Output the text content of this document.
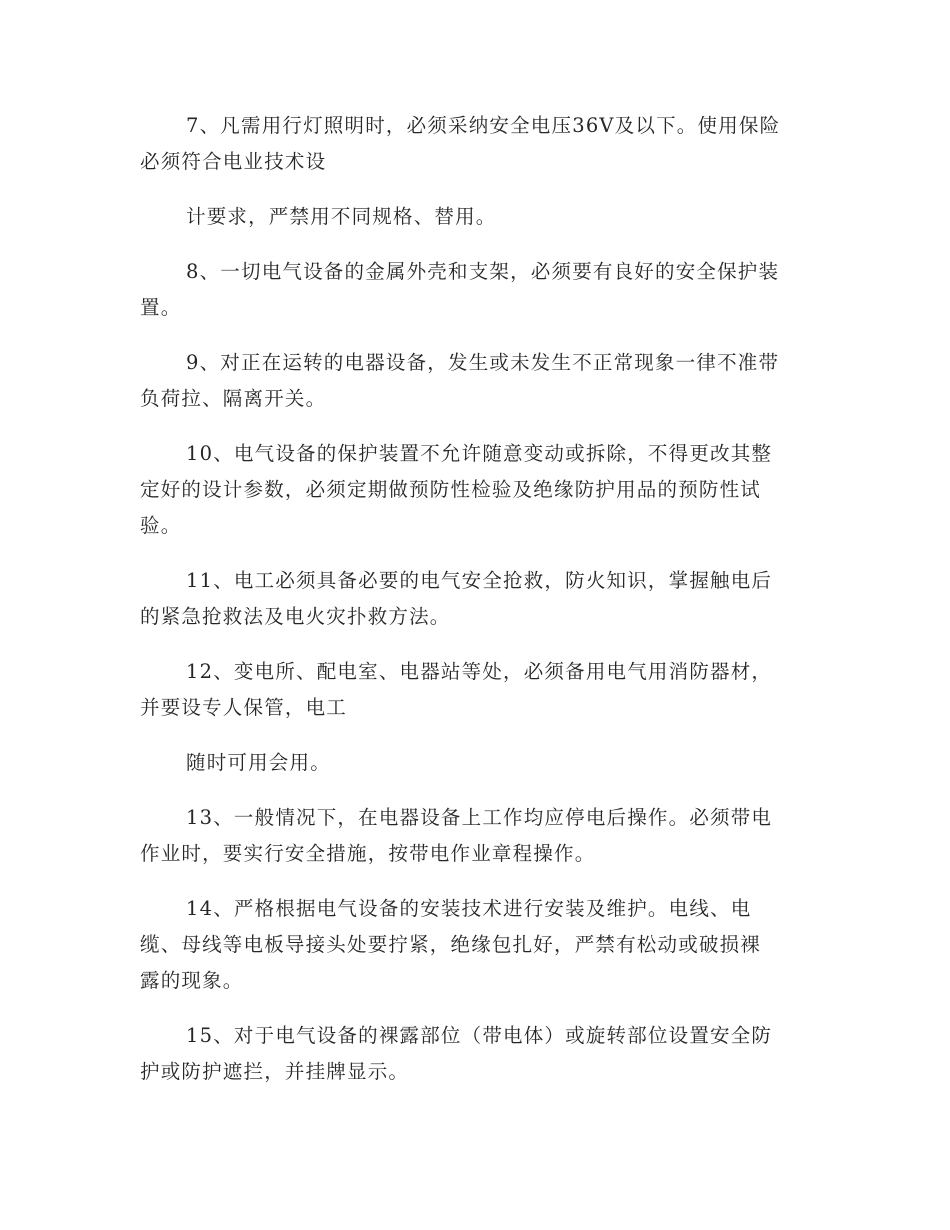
7、凡需用行灯照明时，必须采纳安全电压36V及以下。使用保险
必须符合电业技术设

计要求，严禁用不同规格、替用。

8、一切电气设备的金属外壳和支架，必须要有良好的安全保护装
置。

9、对正在运转的电器设备，发生或未发生不正常现象一律不准带
负荷拉、隔离开关。

10、电气设备的保护装置不允许随意变动或拆除，不得更改其整
定好的设计参数，必须定期做预防性检验及绝缘防护用品的预防性试
验。

11、电工必须具备必要的电气安全抢救，防火知识，掌握触电后
的紧急抢救法及电火灾扑救方法。

12、变电所、配电室、电器站等处，必须备用电气用消防器材，
并要设专人保管，电工

随时可用会用。

13、一般情况下，在电器设备上工作均应停电后操作。必须带电
作业时，要实行安全措施，按带电作业章程操作。

14、严格根据电气设备的安装技术进行安装及维护。电线、电
缆、母线等电板导接头处要拧紧，绝缘包扎好，严禁有松动或破损裸
露的现象。

15、对于电气设备的裸露部位（带电体）或旋转部位设置安全防
护或防护遮拦，并挂牌显示。
